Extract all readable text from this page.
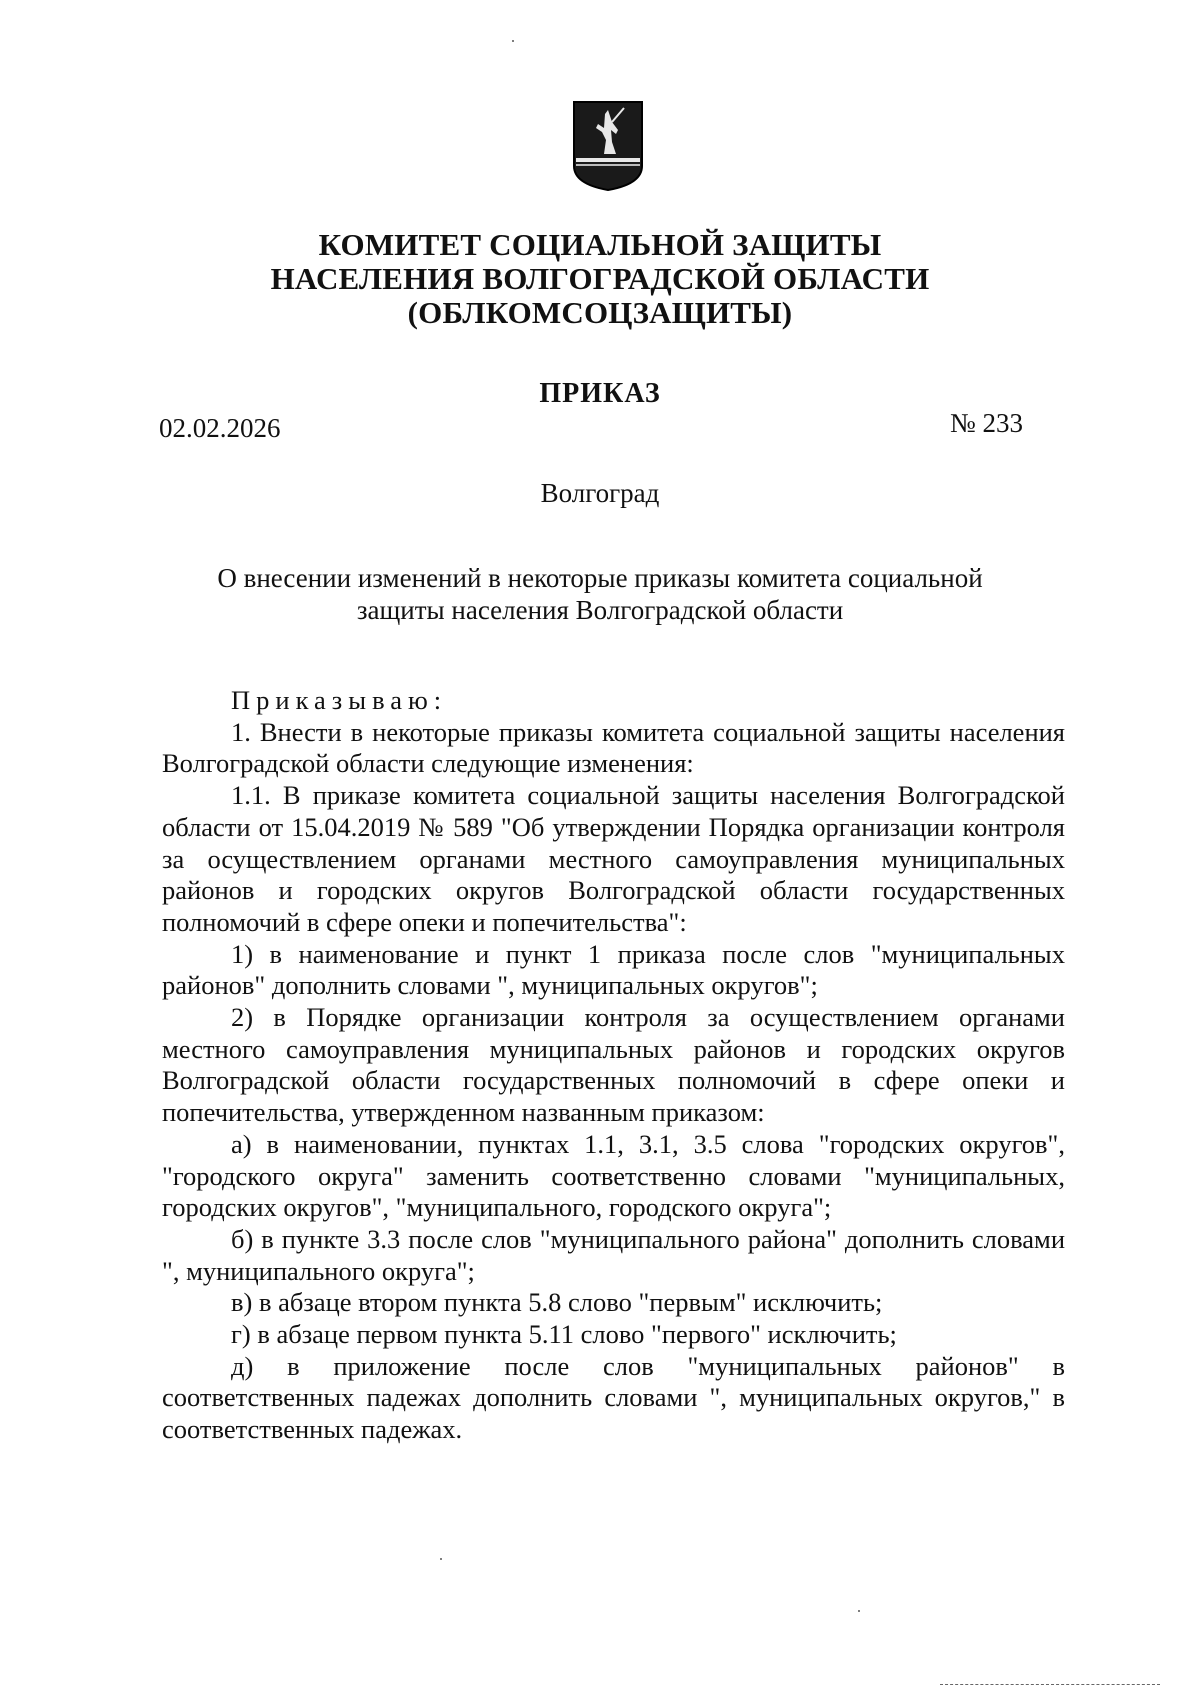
КОМИТЕТ СОЦИАЛЬНОЙ ЗАЩИТЫ
НАСЕЛЕНИЯ ВОЛГОГРАДСКОЙ ОБЛАСТИ
(ОБЛКОМСОЦЗАЩИТЫ)
ПРИКАЗ
02.02.2026	№ 233
Волгоград
О внесении изменений в некоторые приказы комитета социальной
защиты населения Волгоградской области

Приказываю:

1. Внести в некоторые приказы комитета социальной защиты населения Волгоградской области следующие изменения:

1.1. В приказе комитета социальной защиты населения Волгоградской области от 15.04.2019 № 589 "Об утверждении Порядка организации контроля за осуществлением органами местного самоуправления муниципальных районов и городских округов Волгоградской области государственных полномочий в сфере опеки и попечительства":

1) в наименование и пункт 1 приказа после слов "муниципальных районов" дополнить словами ", муниципальных округов";

2) в Порядке организации контроля за осуществлением органами местного самоуправления муниципальных районов и городских округов Волгоградской области государственных полномочий в сфере опеки и попечительства, утвержденном названным приказом:

а) в наименовании, пунктах 1.1, 3.1, 3.5 слова "городских округов", "городского округа" заменить соответственно словами "муниципальных, городских округов", "муниципального, городского округа";

б) в пункте 3.3 после слов "муниципального района" дополнить словами ", муниципального округа";

в) в абзаце втором пункта 5.8 слово "первым" исключить;

г) в абзаце первом пункта 5.11 слово "первого" исключить;

д) в приложение после слов "муниципальных районов" в соответственных падежах дополнить словами ", муниципальных округов," в соответственных падежах.
